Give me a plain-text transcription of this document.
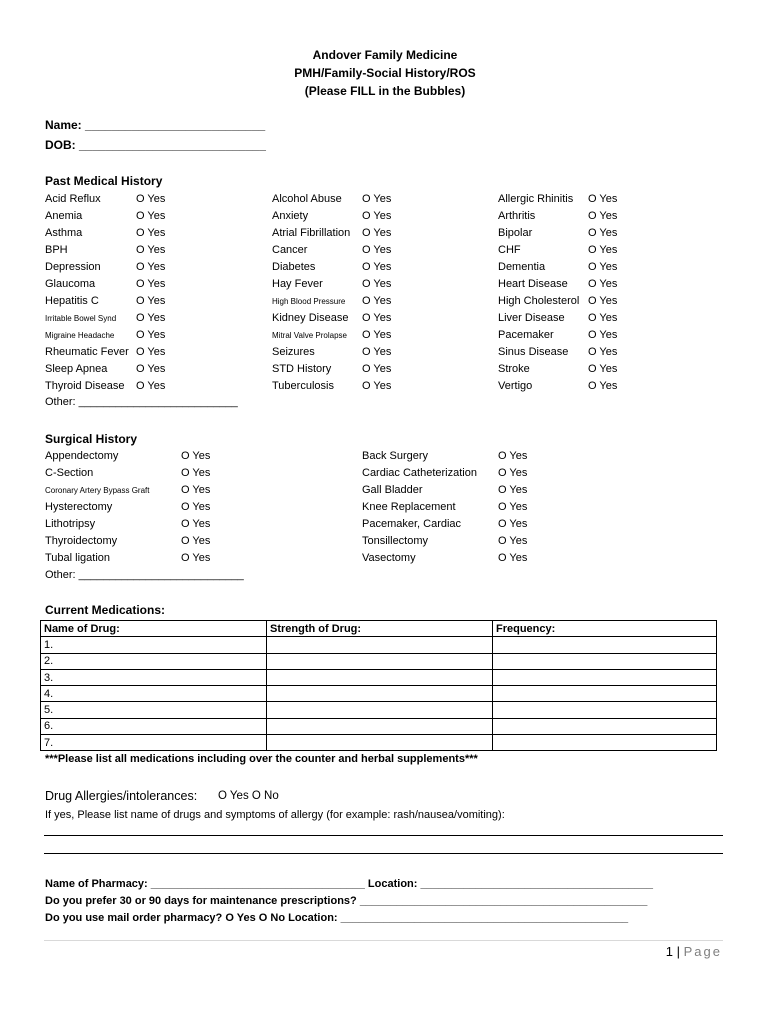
Andover Family Medicine
PMH/Family-Social History/ROS
(Please FILL in the Bubbles)
Name: ___________________________
DOB: ____________________________
Past Medical History
Acid Reflux	O Yes
Anemia	O Yes
Asthma	O Yes
BPH	O Yes
Depression	O Yes
Glaucoma	O Yes
Hepatitis C	O Yes
Irritable Bowel Synd O Yes
Migraine Headache O Yes
Rheumatic Fever O Yes
Sleep Apnea	O Yes
Thyroid Disease O Yes
Alcohol Abuse O Yes
Anxiety	O Yes
Atrial Fibrillation O Yes
Cancer	O Yes
Diabetes	O Yes
Hay Fever	O Yes
High Blood Pressure O Yes
Kidney Disease O Yes
Mitral Valve Prolapse O Yes
Seizures	O Yes
STD History	O Yes
Tuberculosis	O Yes
Allergic Rhinitis O Yes
Arthritis	O Yes
Bipolar	O Yes
CHF	O Yes
Dementia	O Yes
Heart Disease O Yes
High Cholesterol O Yes
Liver Disease O Yes
Pacemaker	O Yes
Sinus Disease O Yes
Stroke	O Yes
Vertigo	O Yes
Other: __________________________
Surgical History
Appendectomy	O Yes
C-Section	O Yes
Coronary Artery Bypass Graft	O Yes
Hysterectomy	O Yes
Lithotripsy	O Yes
Thyroidectomy	O Yes
Tubal ligation	O Yes
Back Surgery	O Yes
Cardiac Catheterization O Yes
Gall Bladder	O Yes
Knee Replacement	O Yes
Pacemaker, Cardiac	O Yes
Tonsillectomy	O Yes
Vasectomy	O Yes
Other: ___________________________
Current Medications:
Name of Drug:	Strength of Drug:	Frequency:
1.		
2.		
3.		
4.		
5.		
6.		
7.		
***Please list all medications including over the counter and herbal supplements***
Drug Allergies/intolerances: O Yes O No
If yes, Please list name of drugs and symptoms of allergy (for example: rash/nausea/vomiting):
Name of Pharmacy: ___________________________________ Location: ______________________________________
Do you prefer 30 or 90 days for maintenance prescriptions? _______________________________________________
Do you use mail order pharmacy? O Yes O No Location: _______________________________________________
1 | Page
